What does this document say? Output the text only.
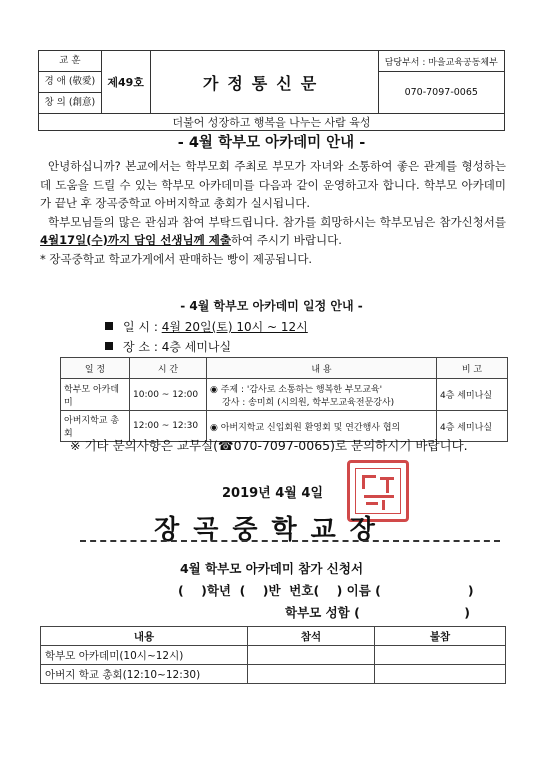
교 훈	제49호	가정통신문	담당부서 : 마을교육공동체부
경 애 (敬愛)			070-7097-0065
창 의 (創意)			
더불어 성장하고 행복을 나누는 사람 육성
- 4월 학부모 아카데미 안내 -

안녕하십니까? 본교에서는 학부모회 주최로 부모가 자녀와 소통하여 좋은 관계를 형성하는데 도움을 드릴 수 있는 학부모 아카데미를 다음과 같이 운영하고자 합니다. 학부모 아카데미가 끝난 후 장곡중학교 아버지학교 총회가 실시됩니다.

학부모님들의 많은 관심과 참여 부탁드립니다. 참가를 희망하시는 학부모님은 참가신청서를 4월17일(수)까지 담임 선생님께 제출하여 주시기 바랍니다.

* 장곡중학교 학교가게에서 판매하는 빵이 제공됩니다.

- 4월 학부모 아카데미 일정 안내 -
일 시 : 4월 20일(토) 10시 ~ 12시
장 소 : 4층 세미나실
일 정	시 간	내 용	비 고
학부모 아카데미	10:00 ~ 12:00	◉ 주제 : '감사로 소통하는 행복한 부모교육'
강사 : 송미희 (시의원, 학부모교육전문강사)	4층 세미나실
아버지학교 총회	12:00 ~ 12:30	◉ 아버지학교 신입회원 환영회 및 연간행사 협의	4층 세미나실
※ 기타 문의사항은 교무실(☎070-7097-0065)로 문의하시기 바랍니다.
2019년 4월 4일
장곡중학교장
4월 학부모 아카데미 참가 신청서
(    )학년  (    )반  번호(    ) 이름 (                    )
학부모 성함 (                        )
내용	참석	불참
학부모 아카데미(10시~12시)		
아버지 학교 총회(12:10~12:30)		
